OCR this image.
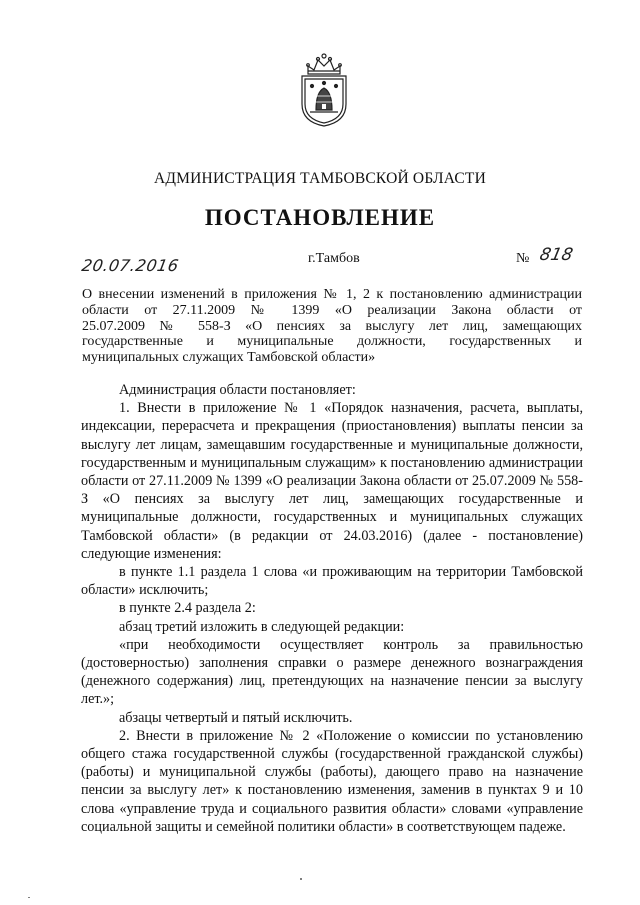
АДМИНИСТРАЦИЯ ТАМБОВСКОЙ ОБЛАСТИ
ПОСТАНОВЛЕНИЕ
20.07.2016	г.Тамбов	№ 818
О внесении изменений в приложения № 1, 2 к постановлению администрации
области от 27.11.2009 № 1399 «О реализации Закона области от
25.07.2009 № 558-З «О пенсиях за выслугу лет лиц, замещающих
государственные и муниципальные должности, государственных и
муниципальных служащих Тамбовской области»

Администрация области постановляет:

1. Внести в приложение № 1 «Порядок назначения, расчета, выплаты, индексации, перерасчета и прекращения (приостановления) выплаты пенсии за выслугу лет лицам, замещавшим государственные и муниципальные должности, государственным и муниципальным служащим» к постановлению администрации области от 27.11.2009 № 1399 «О реализации Закона области от 25.07.2009 № 558-З «О пенсиях за выслугу лет лиц, замещающих государственные и муниципальные должности, государственных и муниципальных служащих Тамбовской области» (в редакции от 24.03.2016) (далее - постановление) следующие изменения:

в пункте 1.1 раздела 1 слова «и проживающим на территории Тамбовской области» исключить;

в пункте 2.4 раздела 2:

абзац третий изложить в следующей редакции:

«при необходимости осуществляет контроль за правильностью (достоверностью) заполнения справки о размере денежного вознаграждения (денежного содержания) лиц, претендующих на назначение пенсии за выслугу лет.»;

абзацы четвертый и пятый исключить.

2. Внести в приложение № 2 «Положение о комиссии по установлению общего стажа государственной службы (государственной гражданской службы) (работы) и муниципальной службы (работы), дающего право на назначение пенсии за выслугу лет» к постановлению изменения, заменив в пунктах 9 и 10 слова «управление труда и социального развития области» словами «управление социальной защиты и семейной политики области» в соответствующем падеже.
